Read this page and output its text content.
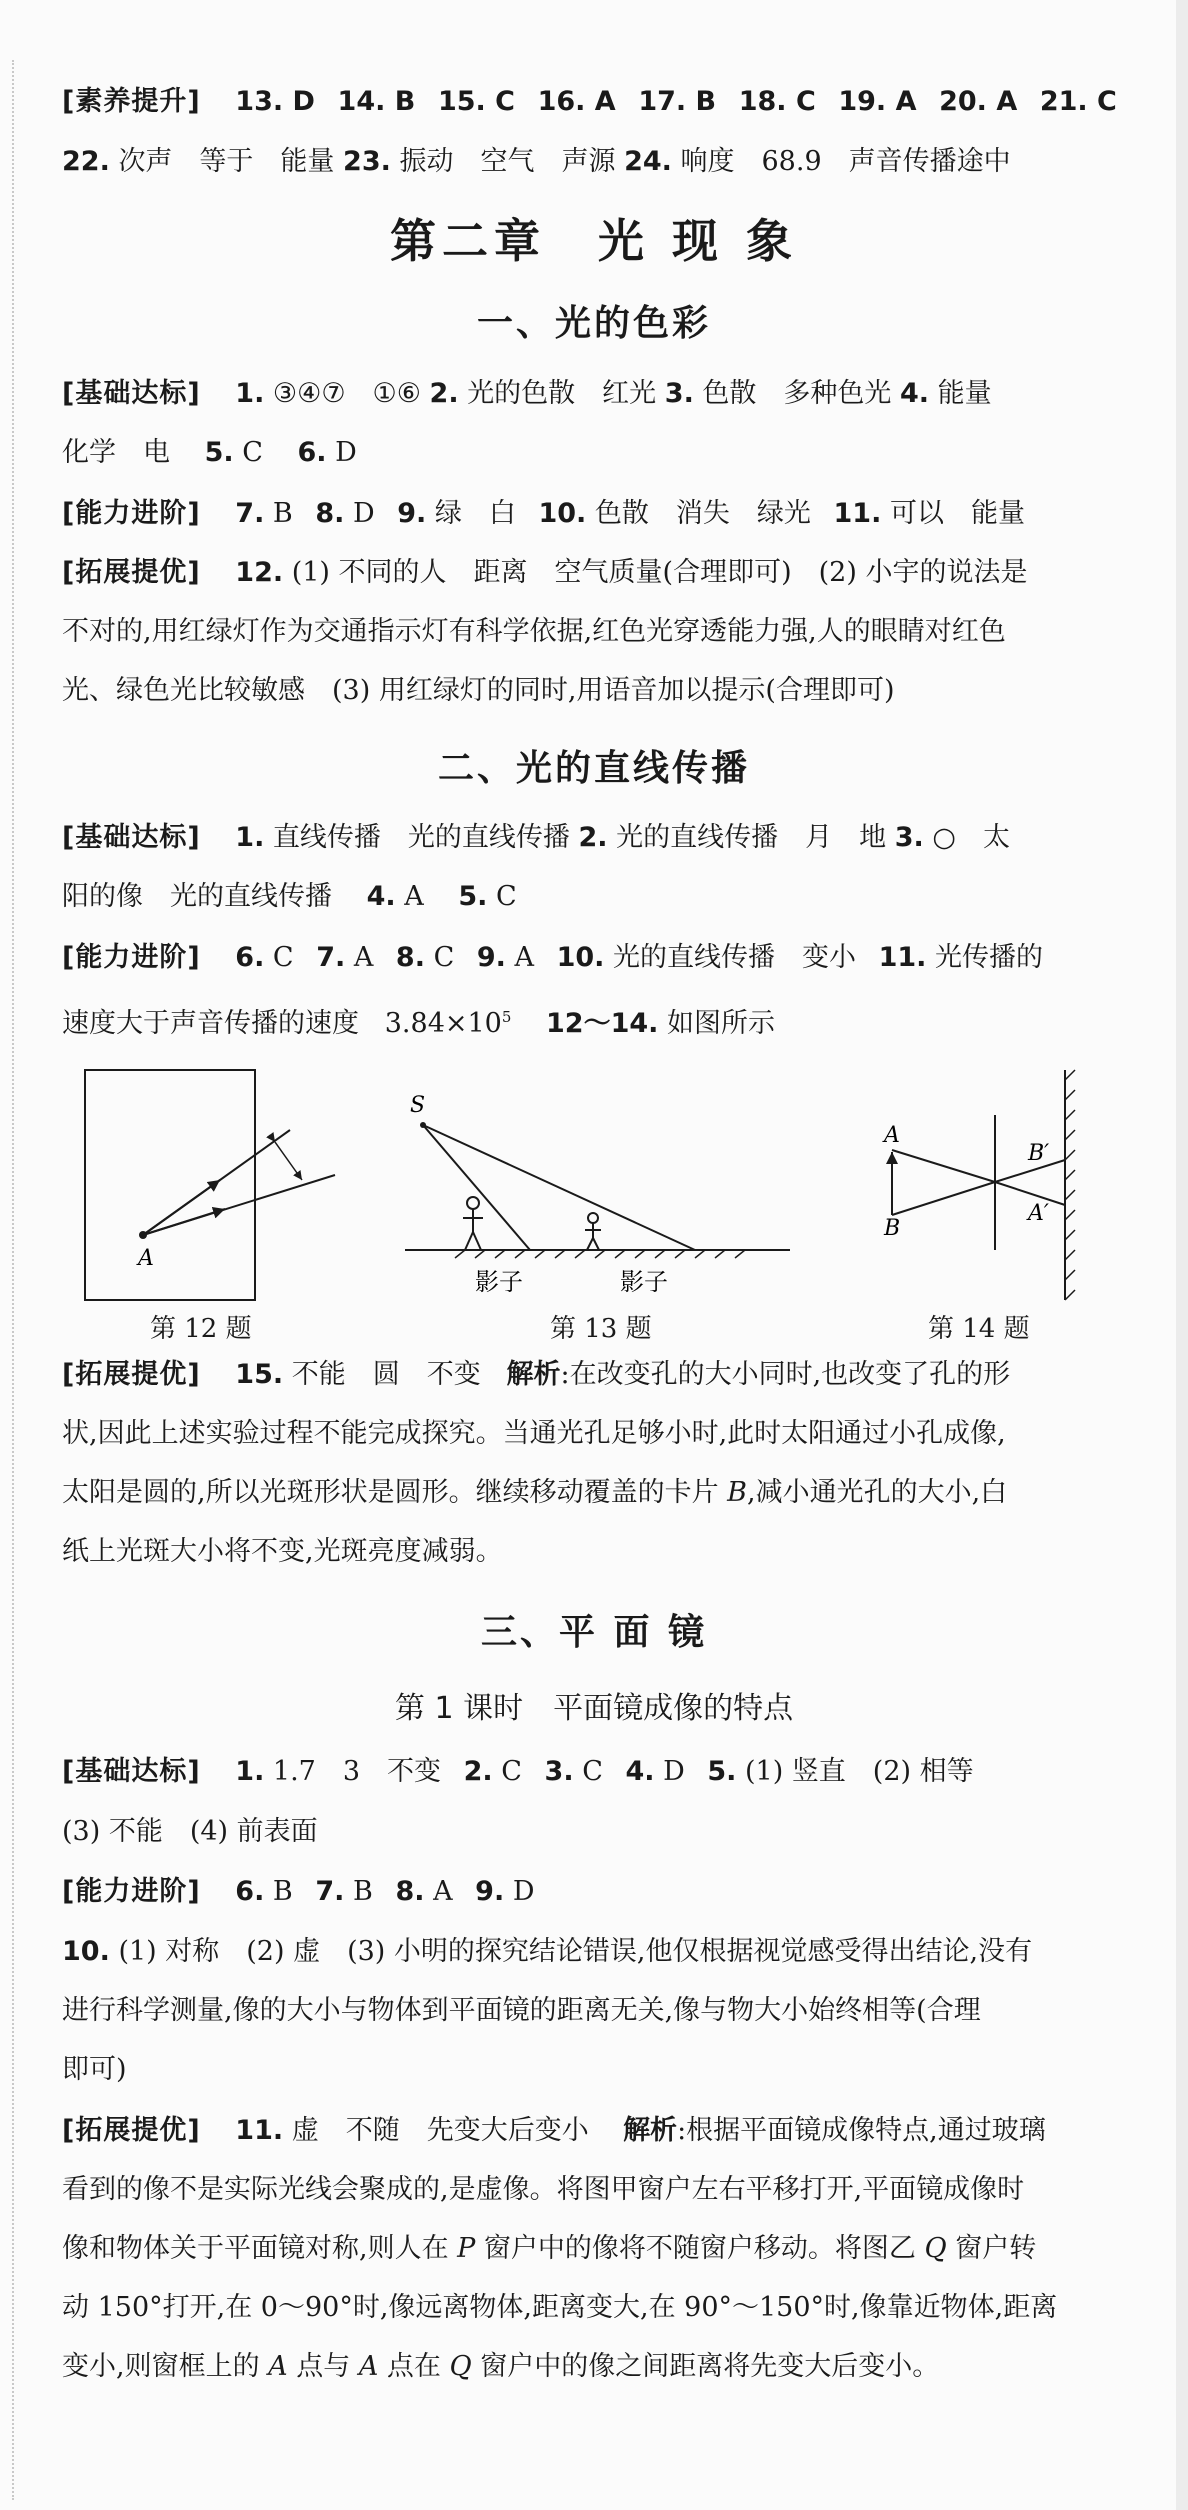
[素养提升] 13. D 14. B 15. C 16. A 17. B 18. C 19. A 20. A 21. C
22. 次声　等于　能量 23. 振动　空气　声源 24. 响度　68.9　声音传播途中
第二章　光 现 象
一、光的色彩
[基础达标] 1. ③④⑦　①⑥ 2. 光的色散　红光 3. 色散　多种色光 4. 能量
化学　电 5. C 6. D
[能力进阶] 7. B 8. D 9. 绿　白 10. 色散　消失　绿光 11. 可以　能量
[拓展提优] 12. (1) 不同的人　距离　空气质量(合理即可)　(2) 小宇的说法是
不对的,用红绿灯作为交通指示灯有科学依据,红色光穿透能力强,人的眼睛对红色
光、绿色光比较敏感　(3) 用红绿灯的同时,用语音加以提示(合理即可)
二、光的直线传播
[基础达标] 1. 直线传播　光的直线传播 2. 光的直线传播　月　地 3. ○　太
阳的像　光的直线传播 4. A 5. C
[能力进阶] 6. C 7. A 8. C 9. A 10. 光的直线传播　变小 11. 光传播的
速度大于声音传播的速度 $3.84\times 10^5$ 12～14. 如图所示
A
第 12 题
S
影子	影子
第 13 题
A
B
B′
A′
第 14 题
[拓展提优] 15. 不能　圆　不变 解析:在改变孔的大小同时,也改变了孔的形
状,因此上述实验过程不能完成探究。当通光孔足够小时,此时太阳通过小孔成像,
太阳是圆的,所以光斑形状是圆形。继续移动覆盖的卡片 B,减小通光孔的大小,白
纸上光斑大小将不变,光斑亮度减弱。
三、平 面 镜
第 1 课时　平面镜成像的特点
[基础达标] 1. 1.7　3　不变 2. C 3. C 4. D 5. (1) 竖直　(2) 相等
(3) 不能　(4) 前表面
[能力进阶] 6. B 7. B 8. A 9. D
10. (1) 对称　(2) 虚　(3) 小明的探究结论错误,他仅根据视觉感受得出结论,没有
进行科学测量,像的大小与物体到平面镜的距离无关,像与物大小始终相等(合理
即可)
[拓展提优] 11. 虚　不随　先变大后变小 解析:根据平面镜成像特点,通过玻璃
看到的像不是实际光线会聚成的,是虚像。将图甲窗户左右平移打开,平面镜成像时
像和物体关于平面镜对称,则人在 P 窗户中的像将不随窗户移动。将图乙 Q 窗户转
动 150°打开,在 0～90°时,像远离物体,距离变大,在 90°～150°时,像靠近物体,距离
变小,则窗框上的 A 点与 A 点在 Q 窗户中的像之间距离将先变大后变小。
